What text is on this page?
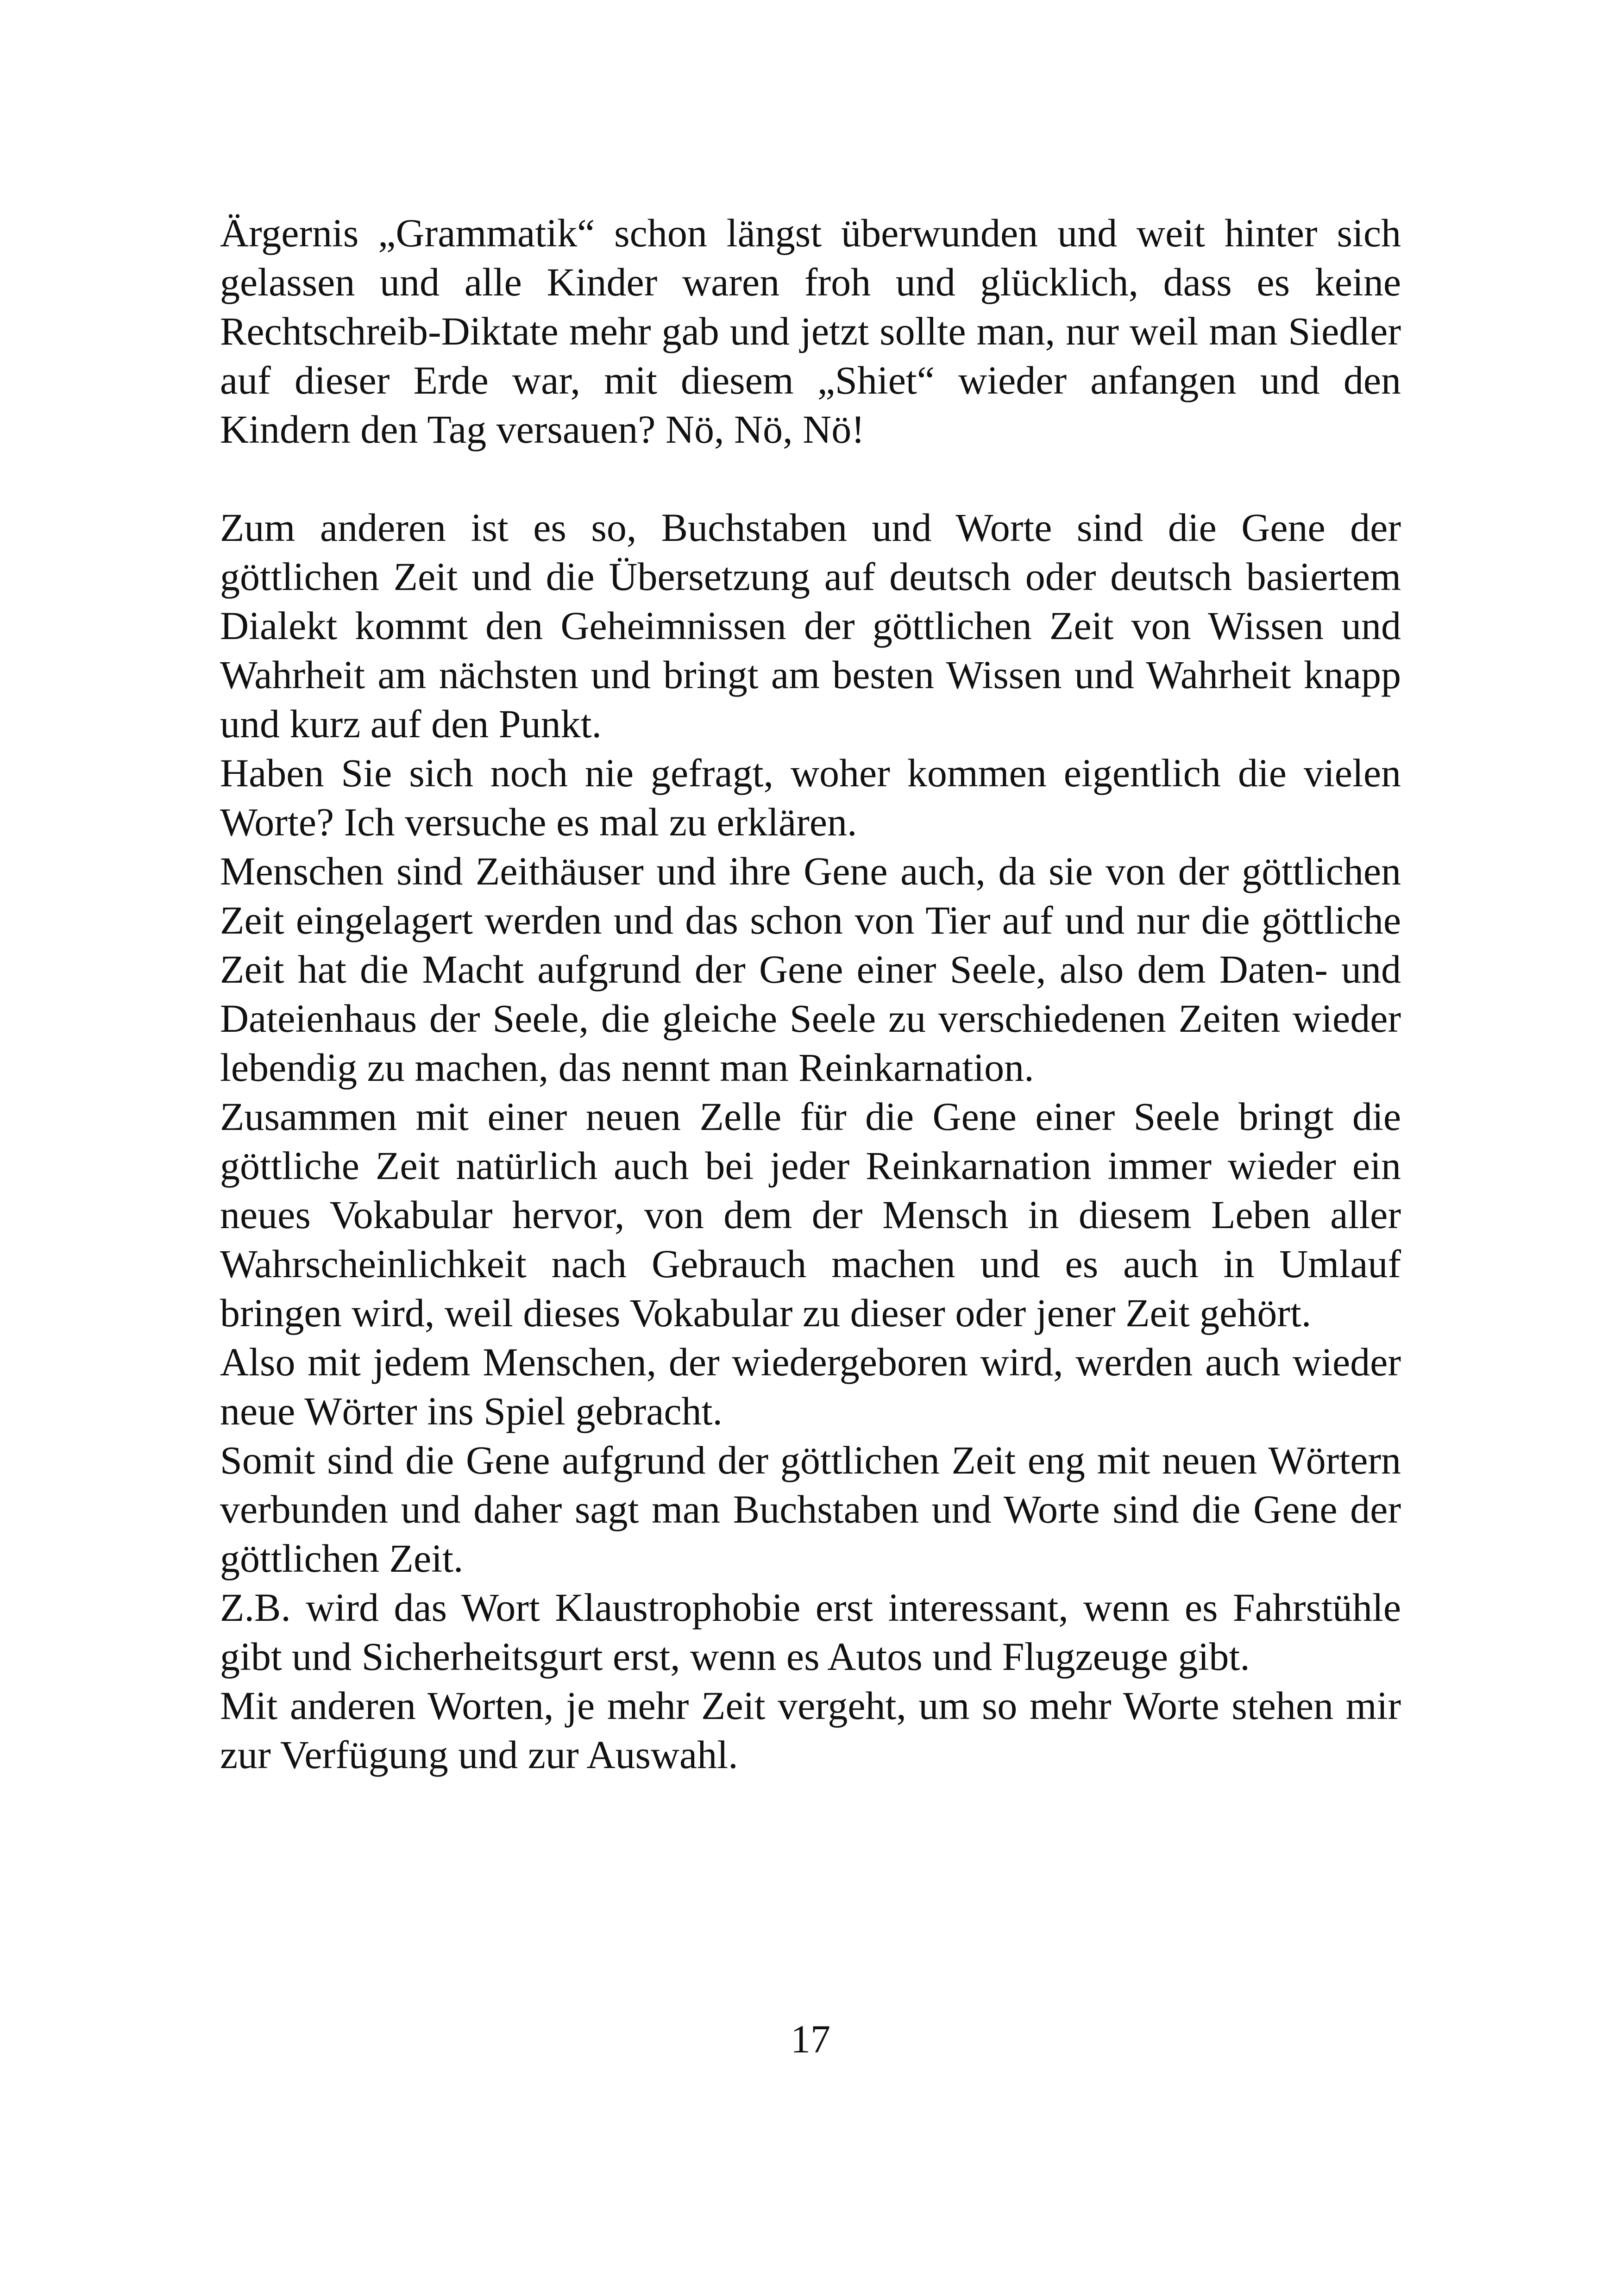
Ärgernis „Grammatik“ schon längst überwunden und weit hinter sich gelassen und alle Kinder waren froh und glücklich, dass es keine Rechtschreib-Diktate mehr gab und jetzt sollte man, nur weil man Siedler auf dieser Erde war, mit diesem „Shiet“ wieder anfangen und den Kindern den Tag versauen? Nö, Nö, Nö!

Zum anderen ist es so, Buchstaben und Worte sind die Gene der göttlichen Zeit und die Übersetzung auf deutsch oder deutsch basiertem Dialekt kommt den Geheimnissen der göttlichen Zeit von Wissen und Wahrheit am nächsten und bringt am besten Wissen und Wahrheit knapp und kurz auf den Punkt.

Haben Sie sich noch nie gefragt, woher kommen eigentlich die vielen Worte? Ich versuche es mal zu erklären.

Menschen sind Zeithäuser und ihre Gene auch, da sie von der göttlichen Zeit eingelagert werden und das schon von Tier auf und nur die göttliche Zeit hat die Macht aufgrund der Gene einer Seele, also dem Daten- und Dateienhaus der Seele, die gleiche Seele zu verschiedenen Zeiten wieder lebendig zu machen, das nennt man Reinkarnation.

Zusammen mit einer neuen Zelle für die Gene einer Seele bringt die göttliche Zeit natürlich auch bei jeder Reinkarnation immer wieder ein neues Vokabular hervor, von dem der Mensch in diesem Leben aller Wahrscheinlichkeit nach Gebrauch machen und es auch in Umlauf bringen wird, weil dieses Vokabular zu dieser oder jener Zeit gehört.

Also mit jedem Menschen, der wiedergeboren wird, werden auch wieder neue Wörter ins Spiel gebracht.

Somit sind die Gene aufgrund der göttlichen Zeit eng mit neuen Wörtern verbunden und daher sagt man Buchstaben und Worte sind die Gene der göttlichen Zeit.

Z.B. wird das Wort Klaustrophobie erst interessant, wenn es Fahrstühle gibt und Sicherheitsgurt erst, wenn es Autos und Flugzeuge gibt.

Mit anderen Worten, je mehr Zeit vergeht, um so mehr Worte stehen mir zur Verfügung und zur Auswahl.

17
